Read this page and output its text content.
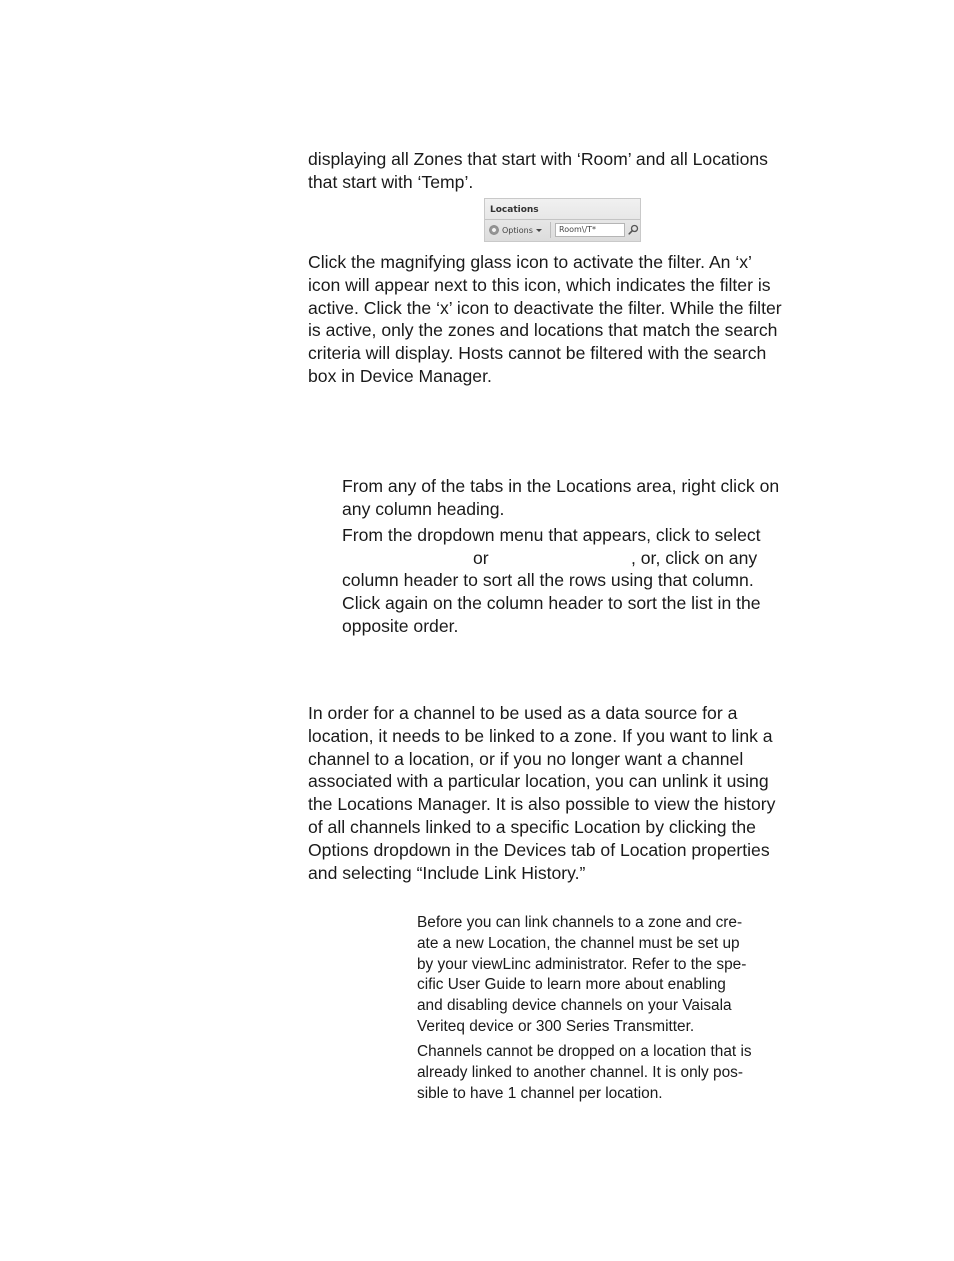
displaying all Zones that start with ‘Room’ and all Locations
that start with ‘Temp’.

Locations
Options	Room\/T*

Click the magnifying glass icon to activate the filter. An ‘x’
icon will appear next to this icon, which indicates the filter is
active. Click the ‘x’ icon to deactivate the filter. While the filter
is active, only the zones and locations that match the search
criteria will display. Hosts cannot be filtered with the search
box in Device Manager.

From any of the tabs in the Locations area, right click on
any column heading.

From the dropdown menu that appears, click to select

or	, or, click on any

column header to sort all the rows using that column.
Click again on the column header to sort the list in the
opposite order.

In order for a channel to be used as a data source for a
location, it needs to be linked to a zone. If you want to link a
channel to a location, or if you no longer want a channel
associated with a particular location, you can unlink it using
the Locations Manager. It is also possible to view the history
of all channels linked to a specific Location by clicking the
Options dropdown in the Devices tab of Location properties
and selecting “Include Link History.”

Before you can link channels to a zone and cre-
ate a new Location, the channel must be set up
by your viewLinc administrator. Refer to the spe-
cific User Guide to learn more about enabling
and disabling device channels on your Vaisala
Veriteq device or 300 Series Transmitter.

Channels cannot be dropped on a location that is
already linked to another channel. It is only pos-
sible to have 1 channel per location.
